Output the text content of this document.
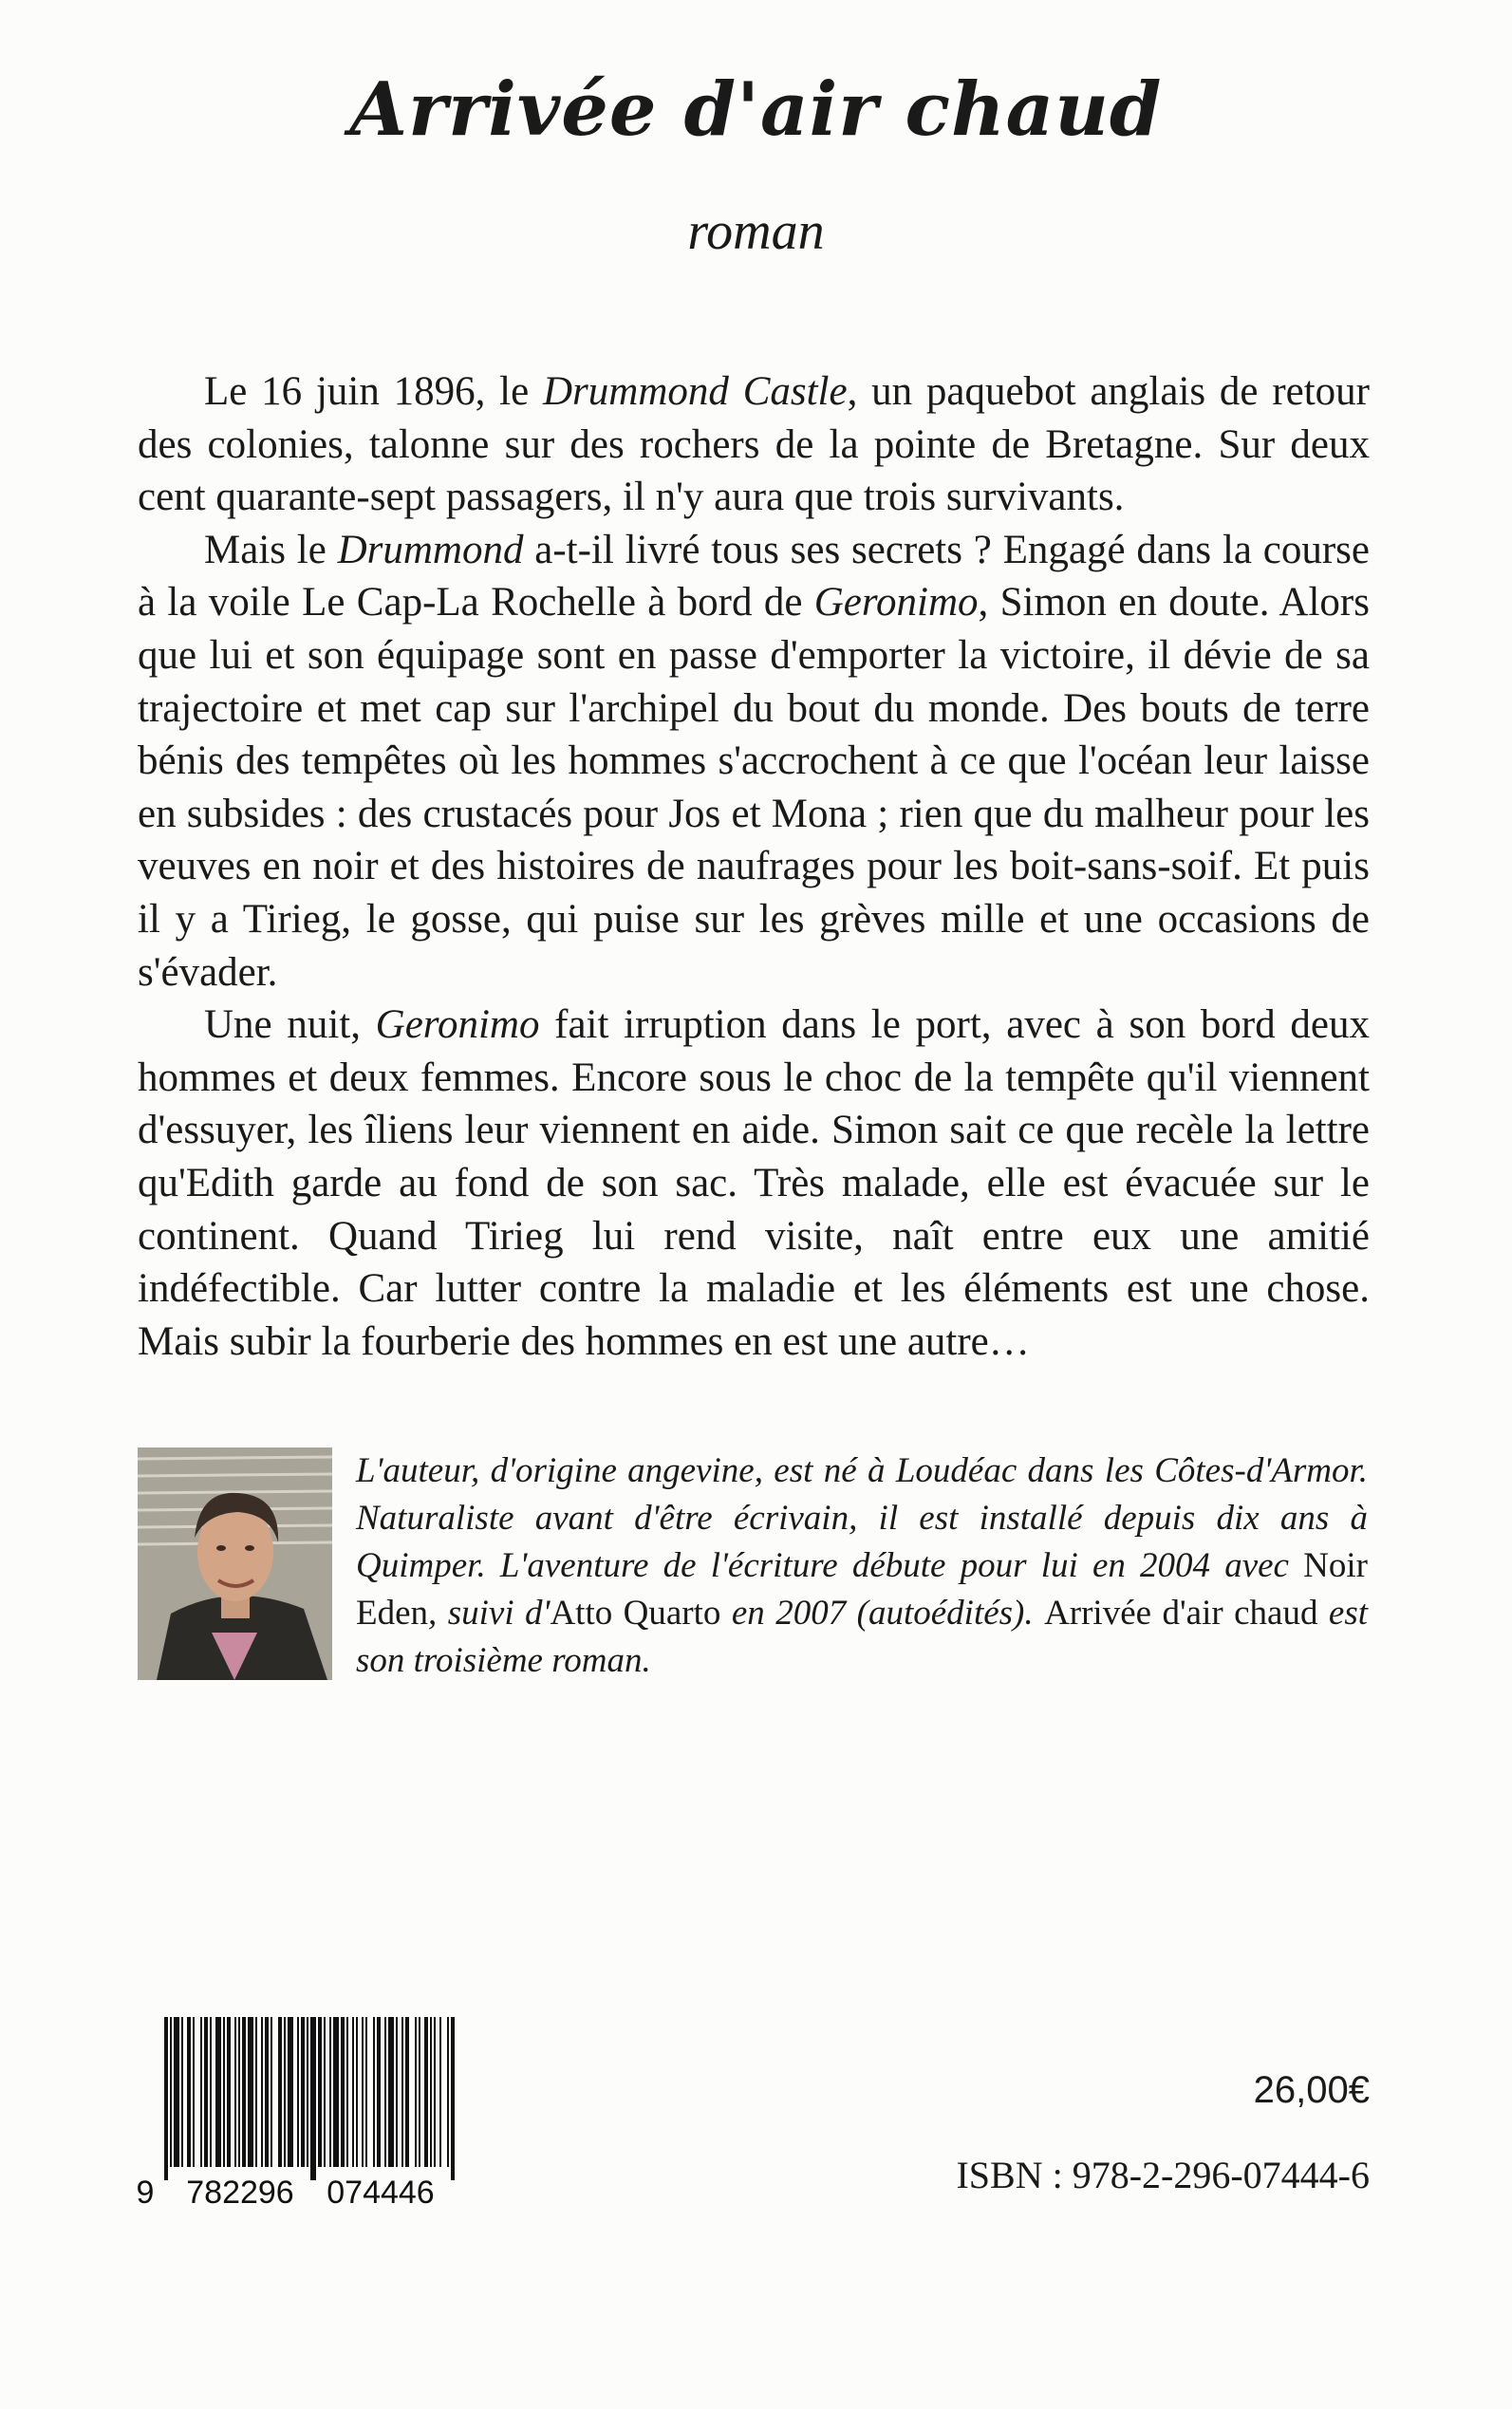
Arrivée d'air chaud
roman

Le 16 juin 1896, le Drummond Castle, un paquebot anglais de retour des colonies, talonne sur des rochers de la pointe de Bretagne. Sur deux cent quarante-sept passagers, il n'y aura que trois survivants.

Mais le Drummond a-t-il livré tous ses secrets ? Engagé dans la course à la voile Le Cap-La Rochelle à bord de Geronimo, Simon en doute. Alors que lui et son équipage sont en passe d'emporter la victoire, il dévie de sa trajectoire et met cap sur l'archipel du bout du monde. Des bouts de terre bénis des tempêtes où les hommes s'accrochent à ce que l'océan leur laisse en subsides : des crustacés pour Jos et Mona ; rien que du malheur pour les veuves en noir et des histoires de naufrages pour les boit-sans-soif. Et puis il y a Tirieg, le gosse, qui puise sur les grèves mille et une occasions de s'évader.

Une nuit, Geronimo fait irruption dans le port, avec à son bord deux hommes et deux femmes. Encore sous le choc de la tempête qu'il viennent d'essuyer, les îliens leur viennent en aide. Simon sait ce que recèle la lettre qu'Edith garde au fond de son sac. Très malade, elle est évacuée sur le continent. Quand Tirieg lui rend visite, naît entre eux une amitié indéfectible. Car lutter contre la maladie et les éléments est une chose. Mais subir la fourberie des hommes en est une autre…

L'auteur, d'origine angevine, est né à Loudéac dans les Côtes-d'Armor. Naturaliste avant d'être écrivain, il est installé depuis dix ans à Quimper. L'aventure de l'écriture débute pour lui en 2004 avec Noir Eden, suivi d'Atto Quarto en 2007 (autoédités). Arrivée d'air chaud est son troisième roman.
9 782296 074446
26,00€
ISBN : 978-2-296-07444-6
